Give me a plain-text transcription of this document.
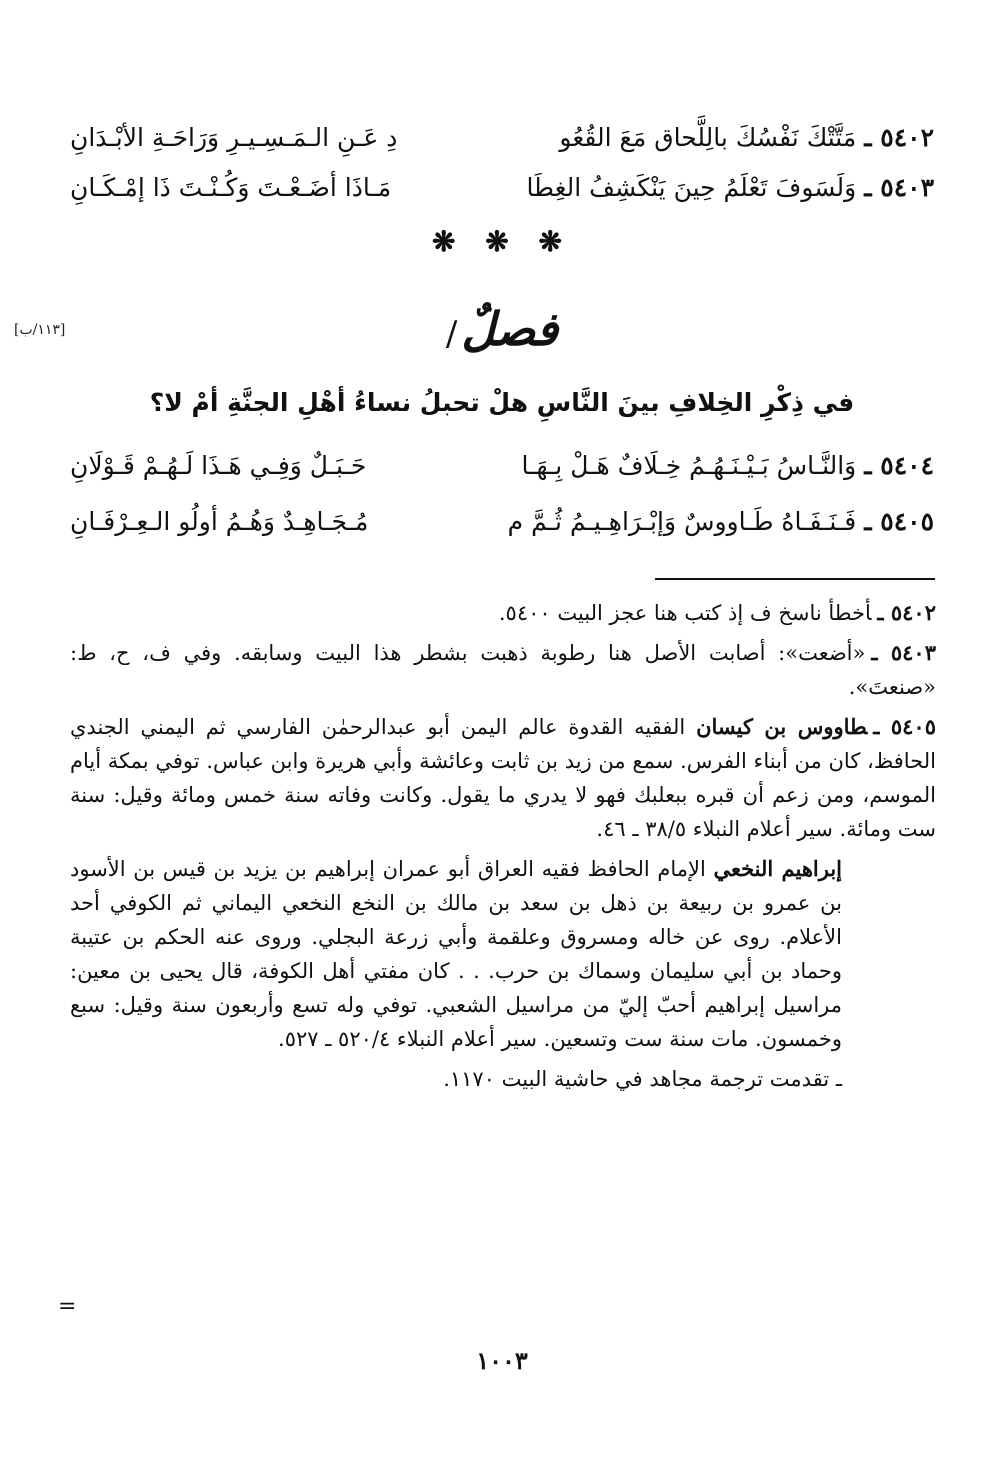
٥٤٠٢ ـ
مَتَّتْكَ نَفْسُكَ بالِلَّحاق مَعَ القُعُو
دِ عَـنِ الـمَـسِـيـرِ وَرَاحَـةِ الأبْـدَانِ
٥٤٠٣ ـ
وَلَسَوفَ تَعْلَمُ حِينَ يَنْكَشِفُ الغِطَا
مَـاذَا أضَـعْـتَ وَكُـنْـتَ ذَا إمْـكَـانِ
❋ ❋ ❋
فصلٌ/
[١١٣/ب]
في ذِكْرِ الخِلافِ بينَ النَّاسِ هلْ تحبلُ نساءُ أهْلِ الجنَّةِ أمْ لا؟
٥٤٠٤ ـ
وَالنَّـاسُ بَـيْـنَـهُـمُ خِـلَافٌ هَـلْ بِـهَـا
حَـبَـلٌ وَفِـي هَـذَا لَـهُـمْ قَـوْلَانِ
٥٤٠٥ ـ
فَـنَـفَـاهُ طَـاووسٌ وَإبْـرَاهِـيـمُ ثُـمَّ م
مُـجَـاهِـدٌ وَهُـمُ أولُو الـعِـرْفَـانِ

٥٤٠٢ ـأخطأ ناسخ ف إذ كتب هنا عجز البيت ٥٤٠٠.

٥٤٠٣ ـ«أضعت»: أصابت الأصل هنا رطوبة ذهبت بشطر هذا البيت وسابقه. وفي ف، ح، ط: «صنعتَ».

٥٤٠٥ ـطاووس بن كيسان الفقيه القدوة عالم اليمن أبو عبدالرحمٰن الفارسي ثم اليمني الجندي الحافظ، كان من أبناء الفرس. سمع من زيد بن ثابت وعائشة وأبي هريرة وابن عباس. توفي بمكة أيام الموسم، ومن زعم أن قبره ببعلبك فهو لا يدري ما يقول. وكانت وفاته سنة خمس ومائة وقيل: سنة ست ومائة. سير أعلام النبلاء ٣٨/٥ ـ ٤٦.

إبراهيم النخعي الإمام الحافظ فقيه العراق أبو عمران إبراهيم بن يزيد بن قيس بن الأسود بن عمرو بن ربيعة بن ذهل بن سعد بن مالك بن النخع النخعي اليماني ثم الكوفي أحد الأعلام. روى عن خاله ومسروق وعلقمة وأبي زرعة البجلي. وروى عنه الحكم بن عتيبة وحماد بن أبي سليمان وسماك بن حرب. . . كان مفتي أهل الكوفة، قال يحيى بن معين: مراسيل إبراهيم أحبّ إليّ من مراسيل الشعبي. توفي وله تسع وأربعون سنة وقيل: سبع وخمسون. مات سنة ست وتسعين. سير أعلام النبلاء ٥٢٠/٤ ـ ٥٢٧.

ـ تقدمت ترجمة مجاهد في حاشية البيت ١١٧٠.

=
١٠٠٣
